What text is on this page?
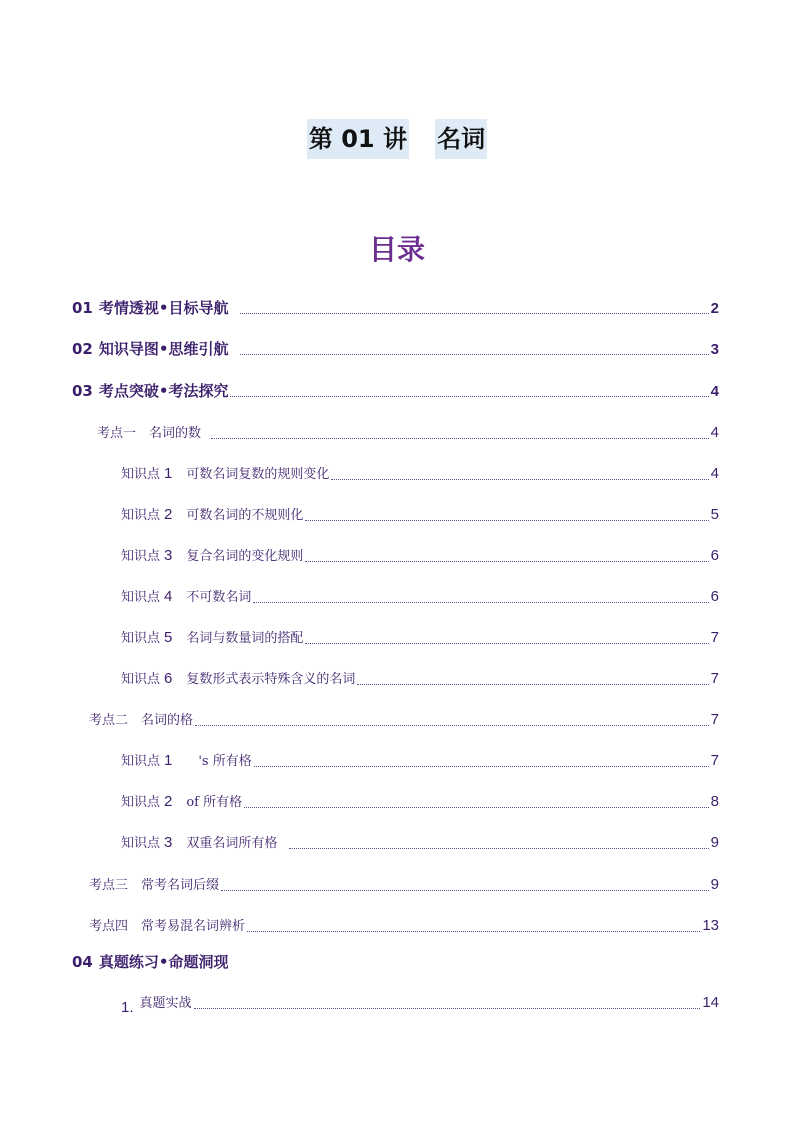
第 01 讲 名词
目录
01 考情透视•目标导航	2
02 知识导图•思维引航	3
03 考点突破•考法探究	4
考点一　名词的数	4
知识点 1 可数名词复数的规则变化	4
知识点 2 可数名词的不规则化	5
知识点 3 复合名词的变化规则	6
知识点 4 不可数名词	6
知识点 5 名词与数量词的搭配	7
知识点 6 复数形式表示特殊含义的名词	7
考点二　名词的格	7
知识点 1 's 所有格	7
知识点 2 of 所有格	8
知识点 3 双重名词所有格	9
考点三　常考名词后缀	9
考点四　常考易混名词辨析	13
04 真题练习•命题洞现
1. 真题实战	14
